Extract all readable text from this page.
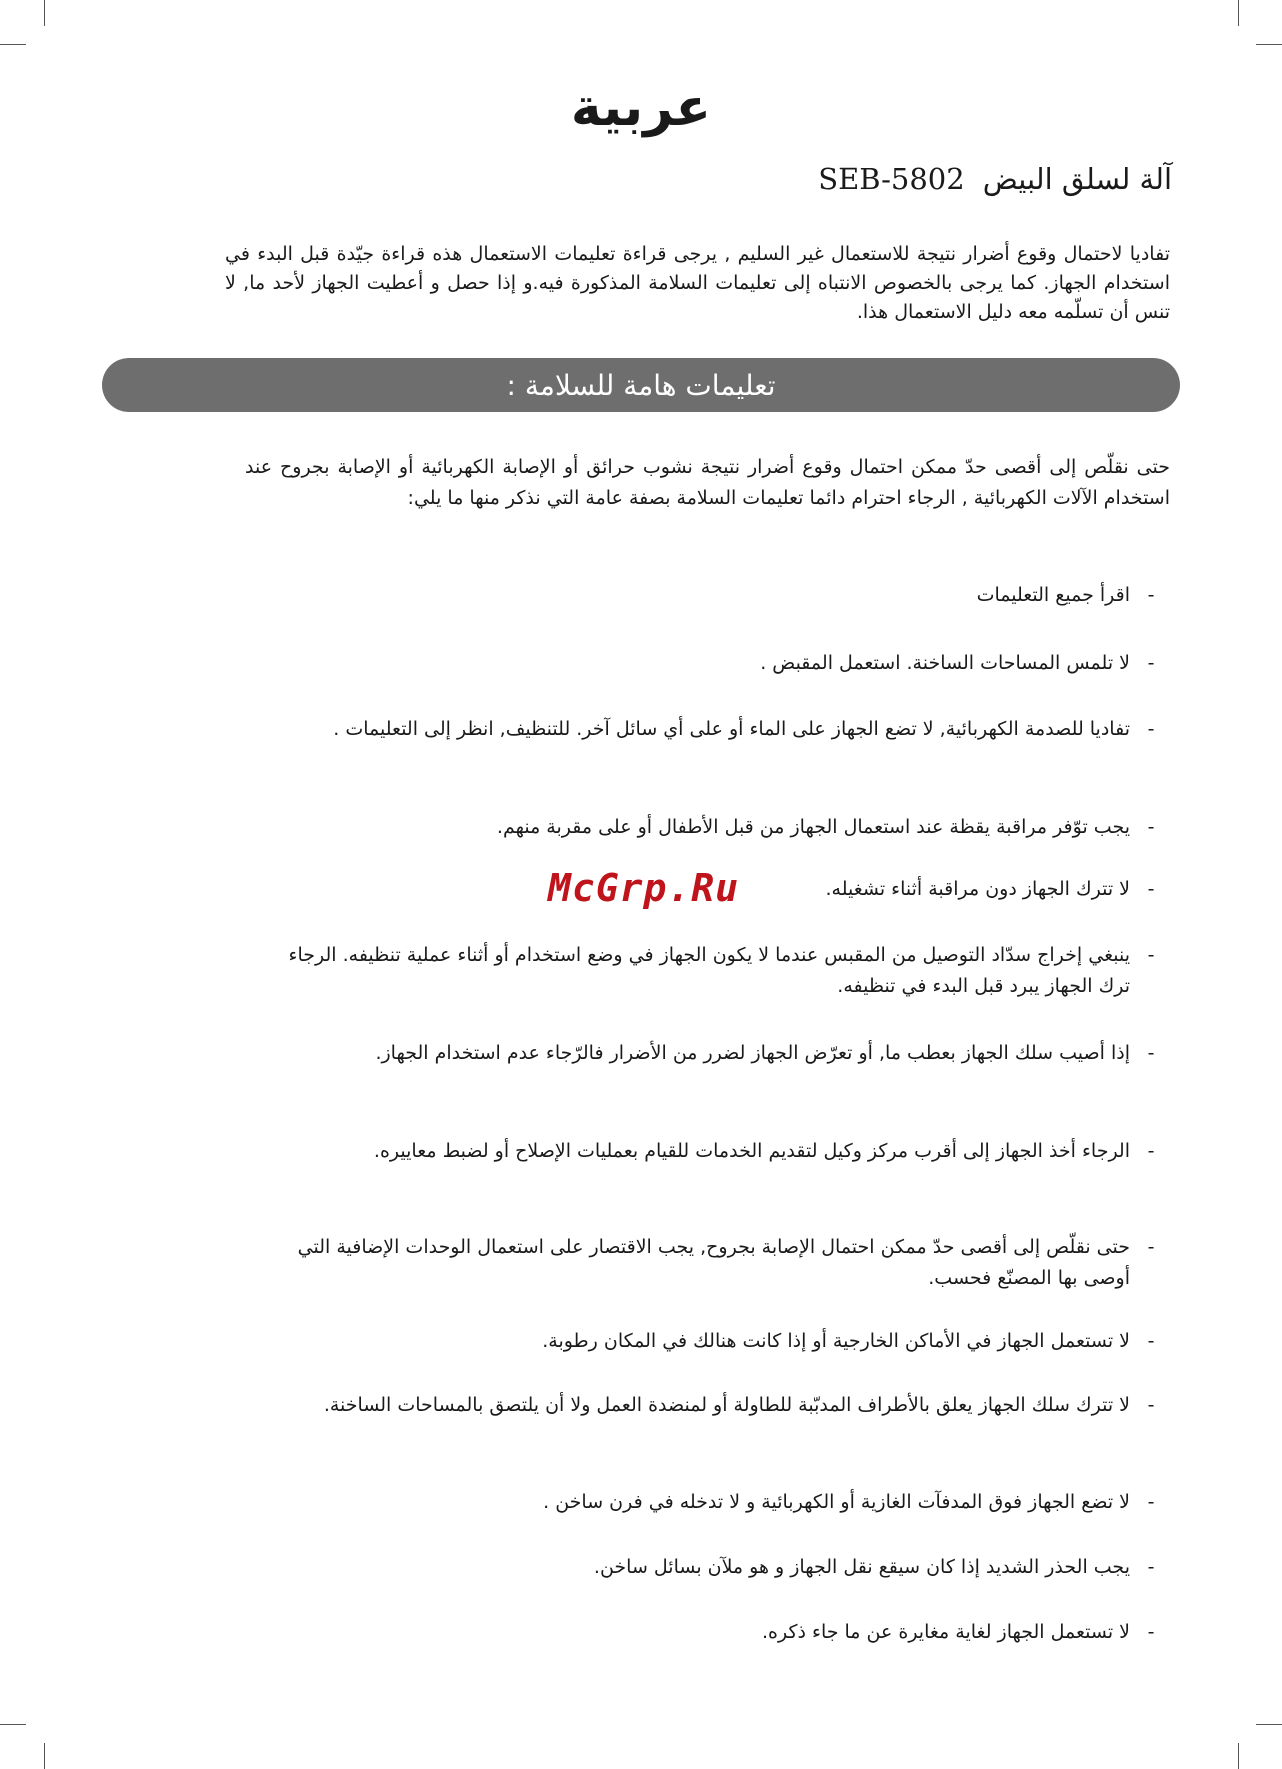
عربية
آلة لسلق البيضSEB-5802

تفاديا لاحتمال وقوع أضرار نتيجة للاستعمال غير السليم , يرجى قراءة تعليمات الاستعمال هذه قراءة جيّدة قبل البدء في استخدام الجهاز. كما يرجى بالخصوص الانتباه إلى تعليمات السلامة المذكورة فيه.و إذا حصل و أعطيت الجهاز لأحد ما, لا تنس أن تسلّمه معه دليل الاستعمال هذا.

تعليمات هامة للسلامة :

حتى نقلّص إلى أقصى حدّ ممكن احتمال وقوع أضرار نتيجة نشوب حرائق أو الإصابة الكهربائية أو الإصابة بجروح عند استخدام الآلات الكهربائية , الرجاء احترام دائما تعليمات السلامة بصفة عامة التي نذكر منها ما يلي:

-
اقرأ جميع التعليمات
-
لا تلمس المساحات الساخنة. استعمل المقبض .
-
تفاديا للصدمة الكهربائية, لا تضع الجهاز على الماء أو على أي سائل آخر. للتنظيف, انظر إلى التعليمات .
-
يجب توّفر مراقبة يقظة عند استعمال الجهاز من قبل الأطفال أو على مقربة منهم.
-
لا تترك الجهاز دون مراقبة أثناء تشغيله.
-
ينبغي إخراج سدّاد التوصيل من المقبس عندما لا يكون الجهاز في وضع استخدام أو أثناء عملية تنظيفه. الرجاء ترك الجهاز يبرد قبل البدء في تنظيفه.
-
إذا أصيب سلك الجهاز بعطب ما, أو تعرّض الجهاز لضرر من الأضرار فالرّجاء عدم استخدام الجهاز.
-
الرجاء أخذ الجهاز إلى أقرب مركز وكيل لتقديم الخدمات للقيام بعمليات الإصلاح أو لضبط معاييره.
-
حتى نقلّص إلى أقصى حدّ ممكن احتمال الإصابة بجروح, يجب الاقتصار على استعمال الوحدات الإضافية التي أوصى بها المصنّع فحسب.
-
لا تستعمل الجهاز في الأماكن الخارجية أو إذا كانت هنالك في المكان رطوبة.
-
لا تترك سلك الجهاز يعلق بالأطراف المدبّبة للطاولة أو لمنضدة العمل ولا أن يلتصق بالمساحات الساخنة.
-
لا تضع الجهاز فوق المدفآت الغازية أو الكهربائية و لا تدخله في فرن ساخن .
-
يجب الحذر الشديد إذا كان سيقع نقل الجهاز و هو ملآن بسائل ساخن.
-
لا تستعمل الجهاز لغاية مغايرة عن ما جاء ذكره.
McGrp.Ru
